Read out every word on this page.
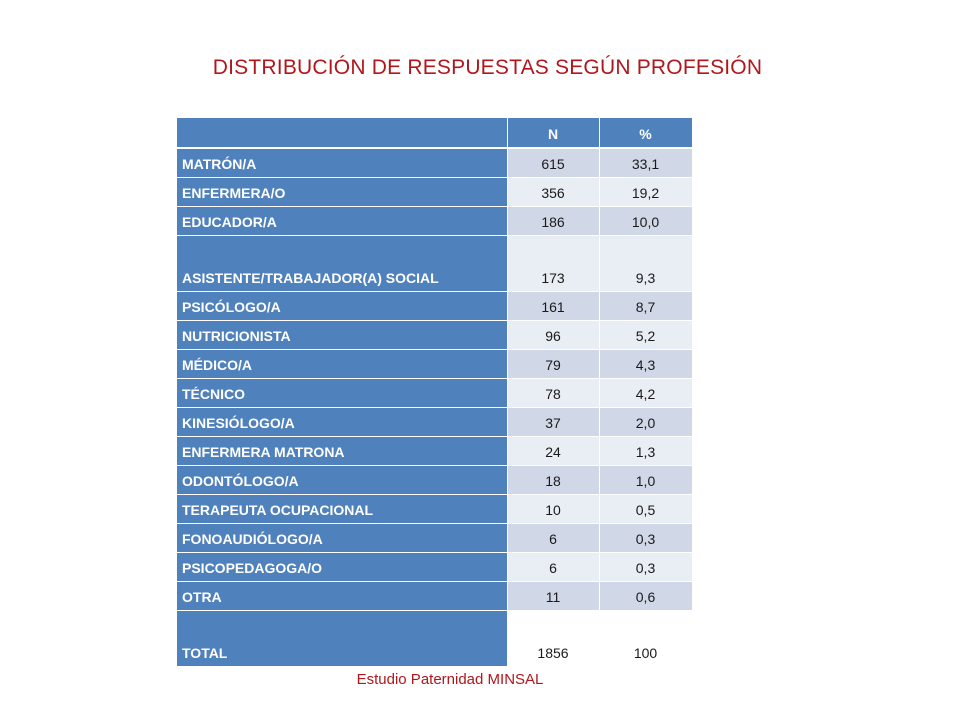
DISTRIBUCIÓN DE RESPUESTAS SEGÚN PROFESIÓN
	N	%
MATRÓN/A	615	33,1
ENFERMERA/O	356	19,2
EDUCADOR/A	186	10,0
ASISTENTE/TRABAJADOR(A) SOCIAL	173	9,3
PSICÓLOGO/A	161	8,7
NUTRICIONISTA	96	5,2
MÉDICO/A	79	4,3
TÉCNICO	78	4,2
KINESIÓLOGO/A	37	2,0
ENFERMERA MATRONA	24	1,3
ODONTÓLOGO/A	18	1,0
TERAPEUTA OCUPACIONAL	10	0,5
FONOAUDIÓLOGO/A	6	0,3
PSICOPEDAGOGA/O	6	0,3
OTRA	11	0,6
TOTAL	1856	100
Estudio Paternidad MINSAL
